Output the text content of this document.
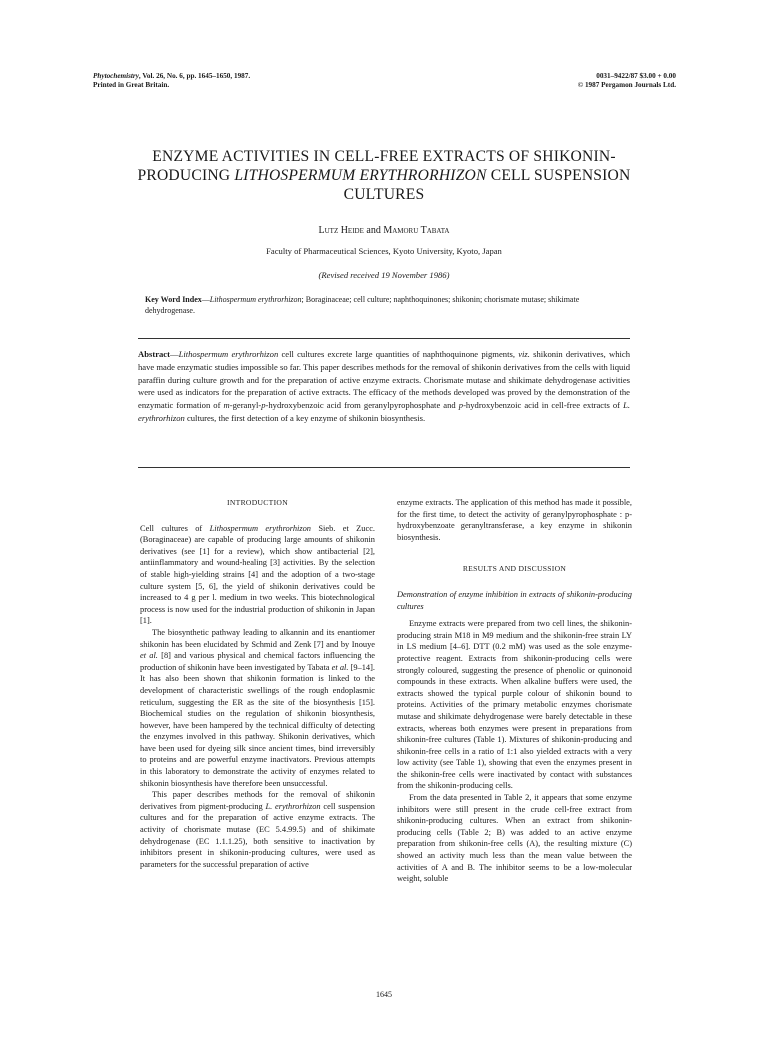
Phytochemistry, Vol. 26, No. 6, pp. 1645–1650, 1987.
Printed in Great Britain.
0031–9422/87 $3.00 + 0.00
© 1987 Pergamon Journals Ltd.
ENZYME ACTIVITIES IN CELL-FREE EXTRACTS OF SHIKONIN-
PRODUCING LITHOSPERMUM ERYTHRORHIZON CELL SUSPENSION
CULTURES
Lutz Heide and Mamoru Tabata
Faculty of Pharmaceutical Sciences, Kyoto University, Kyoto, Japan
(Revised received 19 November 1986)
Key Word Index—Lithospermum erythrorhizon; Boraginaceae; cell culture; naphthoquinones; shikonin; chorismate mutase; shikimate dehydrogenase.
Abstract—Lithospermum erythrorhizon cell cultures excrete large quantities of naphthoquinone pigments, viz. shikonin derivatives, which have made enzymatic studies impossible so far. This paper describes methods for the removal of shikonin derivatives from the cells with liquid paraffin during culture growth and for the preparation of active enzyme extracts. Chorismate mutase and shikimate dehydrogenase activities were used as indicators for the preparation of active extracts. The efficacy of the methods developed was proved by the demonstration of the enzymatic formation of m-geranyl-p-hydroxybenzoic acid from geranylpyrophosphate and p-hydroxybenzoic acid in cell-free extracts of L. erythrorhizon cultures, the first detection of a key enzyme of shikonin biosynthesis.
INTRODUCTION

Cell cultures of Lithospermum erythrorhizon Sieb. et Zucc. (Boraginaceae) are capable of producing large amounts of shikonin derivatives (see [1] for a review), which show antibacterial [2], antiinflammatory and wound-healing [3] activities. By the selection of stable high-yielding strains [4] and the adoption of a two-stage culture system [5, 6], the yield of shikonin derivatives could be increased to 4 g per l. medium in two weeks. This biotechnological process is now used for the industrial production of shikonin in Japan [1].

The biosynthetic pathway leading to alkannin and its enantiomer shikonin has been elucidated by Schmid and Zenk [7] and by Inouye et al. [8] and various physical and chemical factors influencing the production of shikonin have been investigated by Tabata et al. [9–14]. It has also been shown that shikonin formation is linked to the development of characteristic swellings of the rough endoplasmic reticulum, suggesting the ER as the site of the biosynthesis [15]. Biochemical studies on the regulation of shikonin biosynthesis, however, have been hampered by the technical difficulty of detecting the enzymes involved in this pathway. Shikonin derivatives, which have been used for dyeing silk since ancient times, bind irreversibly to proteins and are powerful enzyme inactivators. Previous attempts in this laboratory to demonstrate the activity of enzymes related to shikonin biosynthesis have therefore been unsuccessful.

This paper describes methods for the removal of shikonin derivatives from pigment-producing L. erythrorhizon cell suspension cultures and for the preparation of active enzyme extracts. The activity of chorismate mutase (EC 5.4.99.5) and of shikimate dehydrogenase (EC 1.1.1.25), both sensitive to inactivation by inhibitors present in shikonin-producing cultures, were used as parameters for the successful preparation of active

enzyme extracts. The application of this method has made it possible, for the first time, to detect the activity of geranylpyrophosphate : p-hydroxybenzoate geranyltransferase, a key enzyme in shikonin biosynthesis.

RESULTS AND DISCUSSION
Demonstration of enzyme inhibition in extracts of shikonin-producing cultures

Enzyme extracts were prepared from two cell lines, the shikonin-producing strain M18 in M9 medium and the shikonin-free strain LY in LS medium [4–6]. DTT (0.2 mM) was used as the sole enzyme-protective reagent. Extracts from shikonin-producing cells were strongly coloured, suggesting the presence of phenolic or quinonoid compounds in these extracts. When alkaline buffers were used, the extracts showed the typical purple colour of shikonin bound to proteins. Activities of the primary metabolic enzymes chorismate mutase and shikimate dehydrogenase were barely detectable in these extracts, whereas both enzymes were present in preparations from shikonin-free cultures (Table 1). Mixtures of shikonin-producing and shikonin-free cells in a ratio of 1:1 also yielded extracts with a very low activity (see Table 1), showing that even the enzymes present in the shikonin-free cells were inactivated by contact with substances from the shikonin-producing cells.

From the data presented in Table 2, it appears that some enzyme inhibitors were still present in the crude cell-free extract from shikonin-producing cultures. When an extract from shikonin-producing cells (Table 2; B) was added to an active enzyme preparation from shikonin-free cells (A), the resulting mixture (C) showed an activity much less than the mean value between the activities of A and B. The inhibitor seems to be a low-molecular weight, soluble

1645
